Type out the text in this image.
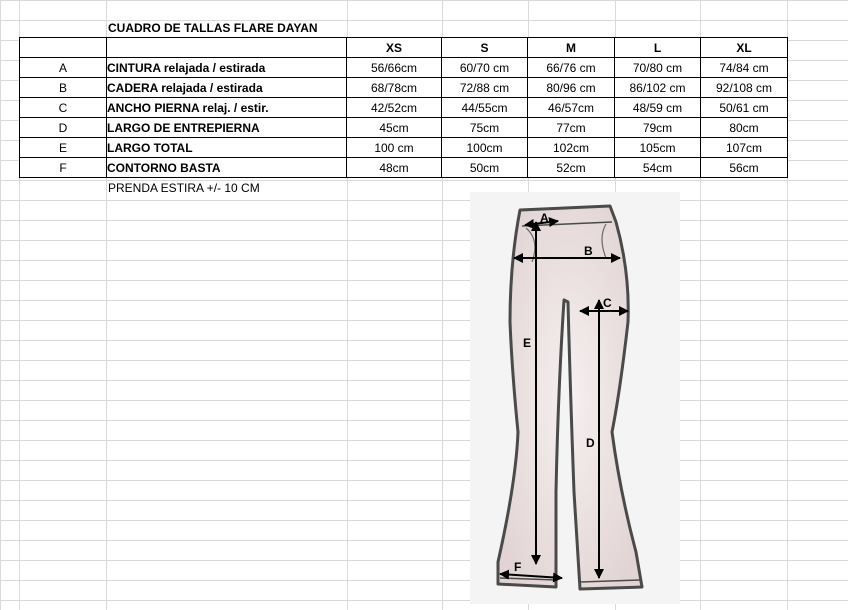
CUADRO DE TALLAS FLARE DAYAN
		XS	S	M	L	XL
A	CINTURA relajada / estirada	56/66cm	60/70 cm	66/76 cm	70/80 cm	74/84 cm
B	CADERA relajada / estirada	68/78cm	72/88 cm	80/96 cm	86/102 cm	92/108 cm
C	ANCHO PIERNA relaj. / estir.	42/52cm	44/55cm	46/57cm	48/59 cm	50/61 cm
D	LARGO DE ENTREPIERNA	45cm	75cm	77cm	79cm	80cm
E	LARGO TOTAL	100 cm	100cm	102cm	105cm	107cm
F	CONTORNO BASTA	48cm	50cm	52cm	54cm	56cm
PRENDA ESTIRA +/- 10 CM
A
B
C
E
D
F
